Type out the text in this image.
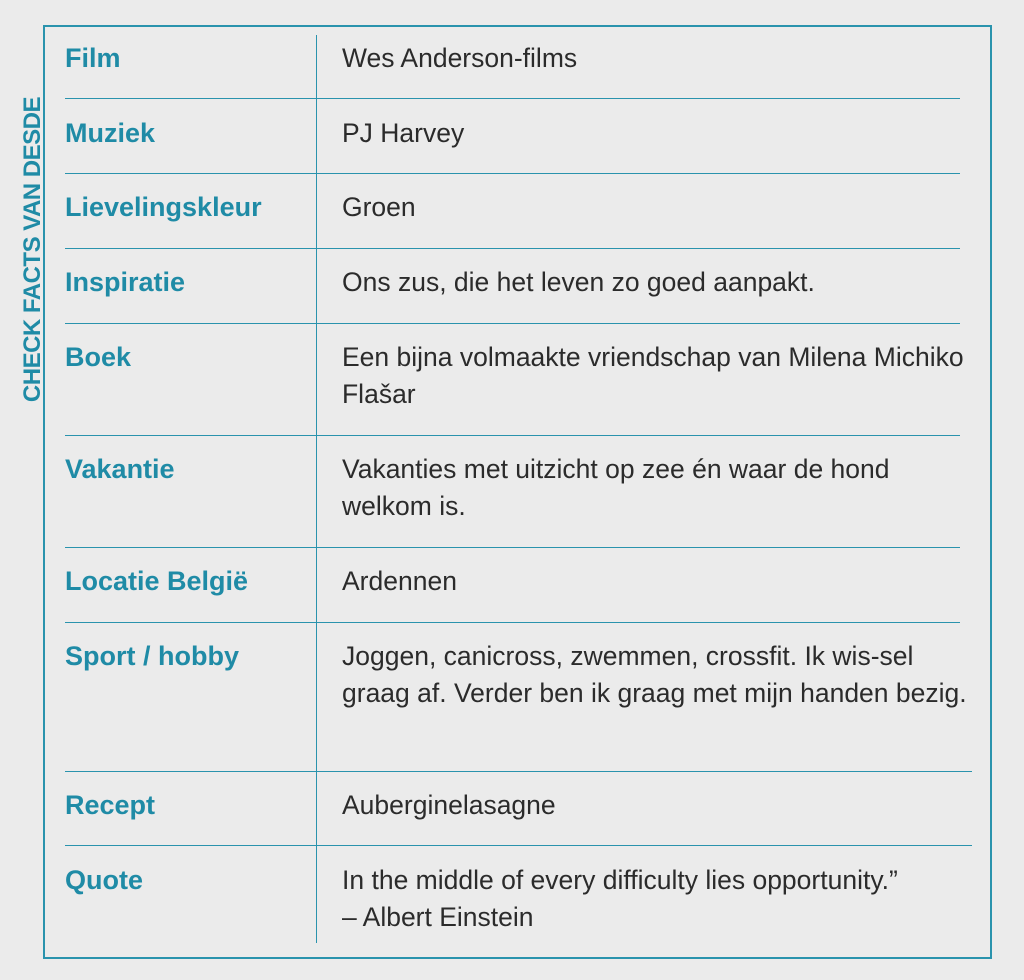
CHECK FACTS VAN DESDE
Film	Wes Anderson-films
Muziek	PJ Harvey
Lievelingskleur	Groen
Inspiratie	Ons zus, die het leven zo goed aanpakt.
Boek	Een bijna volmaakte vriendschap van Milena Michiko Flašar
Vakantie	Vakanties met uitzicht op zee én waar de hond welkom is.
Locatie België	Ardennen
Sport / hobby	Joggen, canicross, zwemmen, crossfit. Ik wis-sel graag af. Verder ben ik graag met mijn handen bezig.
Recept	Auberginelasagne
Quote	In the middle of every difficulty lies opportunity.” – Albert Einstein
